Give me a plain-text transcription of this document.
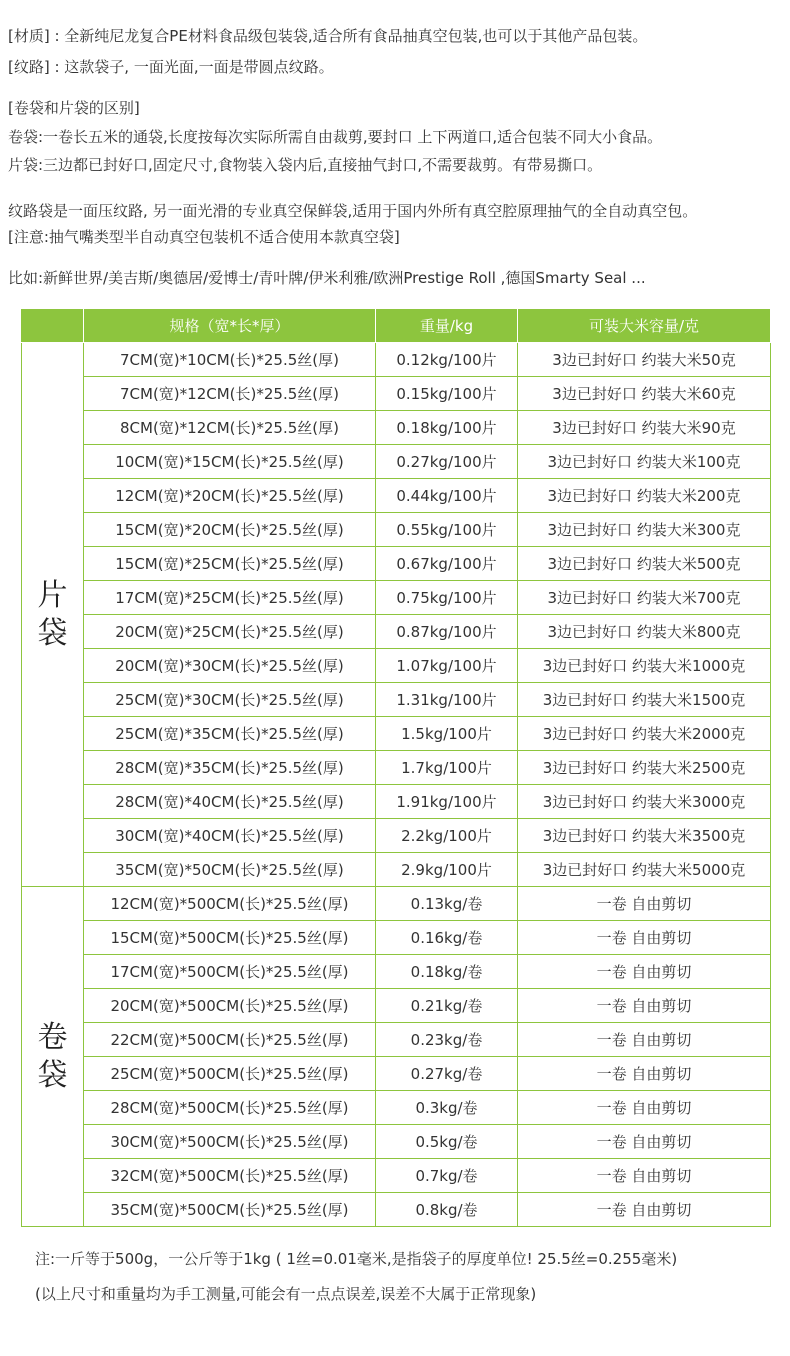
[材质] : 全新纯尼龙复合PE材料食品级包装袋,适合所有食品抽真空包装,也可以于其他产品包装。
[纹路] : 这款袋子, 一面光面,一面是带圆点纹路。
[卷袋和片袋的区别]
卷袋:一卷长五米的通袋,长度按每次实际所需自由裁剪,要封口 上下两道口,适合包装不同大小食品。
片袋:三边都已封好口,固定尺寸,食物装入袋内后,直接抽气封口,不需要裁剪。有带易撕口。
纹路袋是一面压纹路, 另一面光滑的专业真空保鲜袋,适用于国内外所有真空腔原理抽气的全自动真空包。
[注意:抽气嘴类型半自动真空包装机不适合使用本款真空袋]
比如:新鲜世界/美吉斯/奥德居/爱博士/青叶牌/伊米利雅/欧洲Prestige Roll ,德国Smarty Seal ...
	规格（宽*长*厚）	重量/kg	可装大米容量/克

片
袋	7CM(宽)*10CM(长)*25.5丝(厚)	0.12kg/100片	3边已封好口 约装大米50克
	7CM(宽)*12CM(长)*25.5丝(厚)	0.15kg/100片	3边已封好口 约装大米60克
	8CM(宽)*12CM(长)*25.5丝(厚)	0.18kg/100片	3边已封好口 约装大米90克
	10CM(宽)*15CM(长)*25.5丝(厚)	0.27kg/100片	3边已封好口 约装大米100克
	12CM(宽)*20CM(长)*25.5丝(厚)	0.44kg/100片	3边已封好口 约装大米200克
	15CM(宽)*20CM(长)*25.5丝(厚)	0.55kg/100片	3边已封好口 约装大米300克
	15CM(宽)*25CM(长)*25.5丝(厚)	0.67kg/100片	3边已封好口 约装大米500克
	17CM(宽)*25CM(长)*25.5丝(厚)	0.75kg/100片	3边已封好口 约装大米700克
	20CM(宽)*25CM(长)*25.5丝(厚)	0.87kg/100片	3边已封好口 约装大米800克
	20CM(宽)*30CM(长)*25.5丝(厚)	1.07kg/100片	3边已封好口 约装大米1000克
	25CM(宽)*30CM(长)*25.5丝(厚)	1.31kg/100片	3边已封好口 约装大米1500克
	25CM(宽)*35CM(长)*25.5丝(厚)	1.5kg/100片	3边已封好口 约装大米2000克
	28CM(宽)*35CM(长)*25.5丝(厚)	1.7kg/100片	3边已封好口 约装大米2500克
	28CM(宽)*40CM(长)*25.5丝(厚)	1.91kg/100片	3边已封好口 约装大米3000克
	30CM(宽)*40CM(长)*25.5丝(厚)	2.2kg/100片	3边已封好口 约装大米3500克
	35CM(宽)*50CM(长)*25.5丝(厚)	2.9kg/100片	3边已封好口 约装大米5000克

卷
袋	12CM(宽)*500CM(长)*25.5丝(厚)	0.13kg/卷	一卷 自由剪切
	15CM(宽)*500CM(长)*25.5丝(厚)	0.16kg/卷	一卷 自由剪切
	17CM(宽)*500CM(长)*25.5丝(厚)	0.18kg/卷	一卷 自由剪切
	20CM(宽)*500CM(长)*25.5丝(厚)	0.21kg/卷	一卷 自由剪切
	22CM(宽)*500CM(长)*25.5丝(厚)	0.23kg/卷	一卷 自由剪切
	25CM(宽)*500CM(长)*25.5丝(厚)	0.27kg/卷	一卷 自由剪切
	28CM(宽)*500CM(长)*25.5丝(厚)	0.3kg/卷	一卷 自由剪切
	30CM(宽)*500CM(长)*25.5丝(厚)	0.5kg/卷	一卷 自由剪切
	32CM(宽)*500CM(长)*25.5丝(厚)	0.7kg/卷	一卷 自由剪切
	35CM(宽)*500CM(长)*25.5丝(厚)	0.8kg/卷	一卷 自由剪切
注:一斤等于500g，一公斤等于1kg ( 1丝=0.01毫米,是指袋子的厚度单位! 25.5丝=0.255毫米)
(以上尺寸和重量均为手工测量,可能会有一点点误差,误差不大属于正常现象)
